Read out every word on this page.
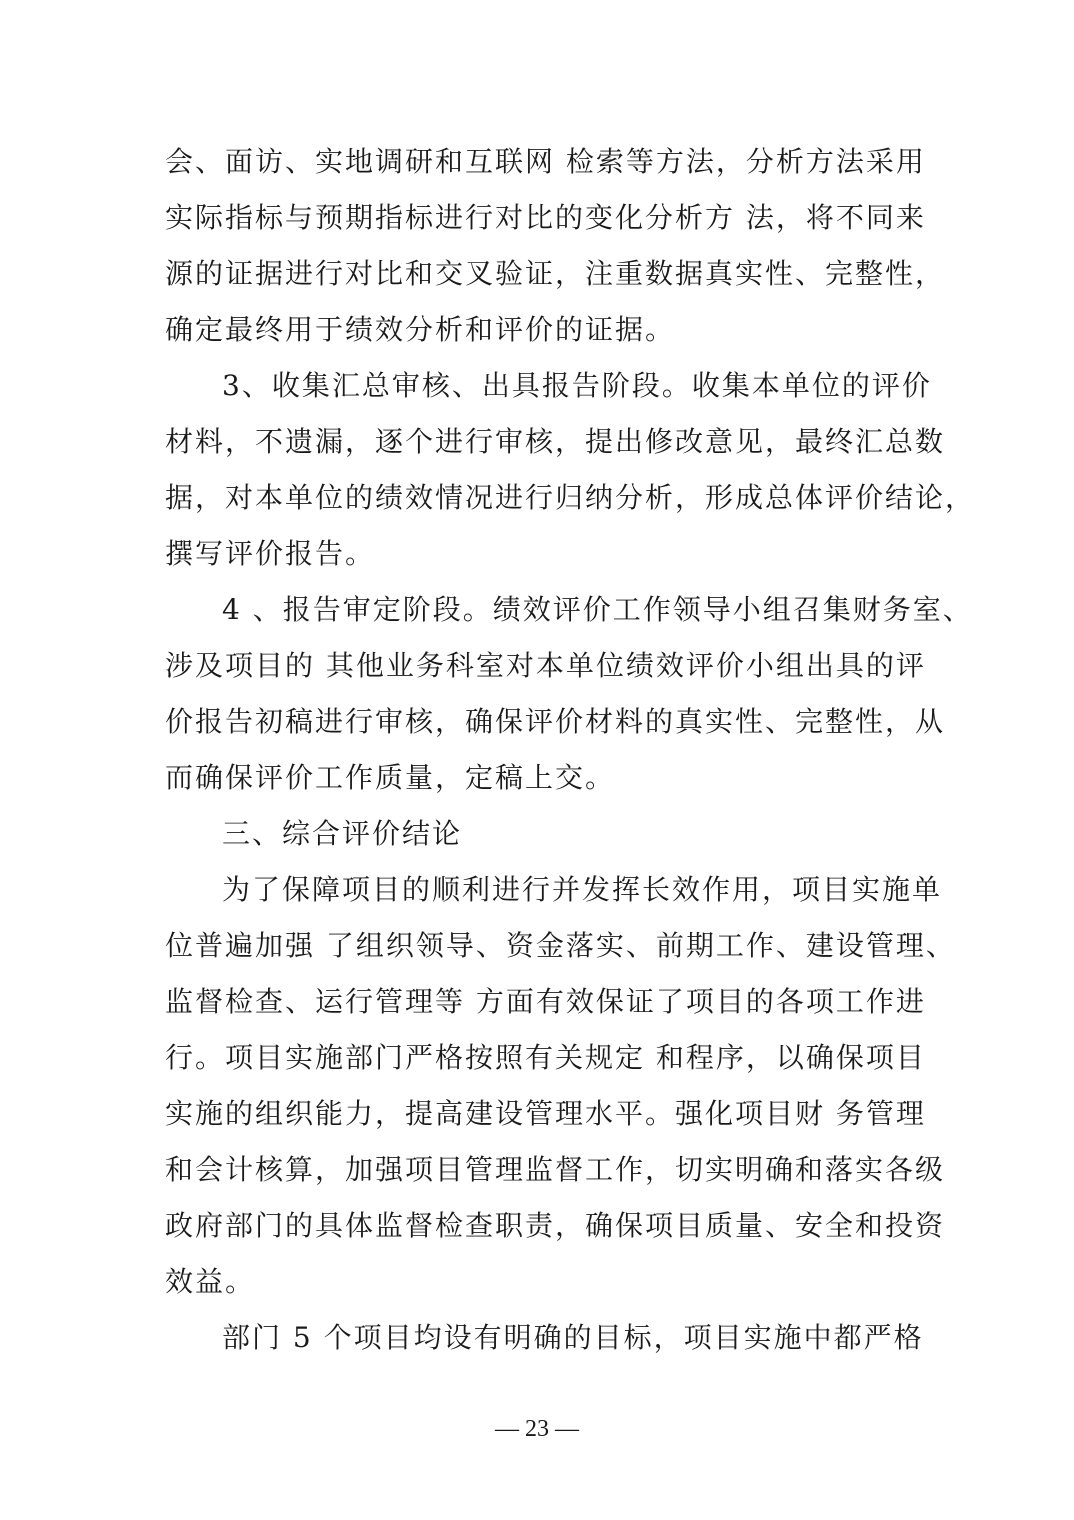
会、面访、实地调研和互联网 检索等方法，分析方法采用
实际指标与预期指标进行对比的变化分析方 法，将不同来
源的证据进行对比和交叉验证，注重数据真实性、完整性，
确定最终用于绩效分析和评价的证据。
3、收集汇总审核、出具报告阶段。收集本单位的评价
材料，不遗漏，逐个进行审核，提出修改意见，最终汇总数
据，对本单位的绩效情况进行归纳分析，形成总体评价结论，
撰写评价报告。
4 、报告审定阶段。绩效评价工作领导小组召集财务室、
涉及项目的 其他业务科室对本单位绩效评价小组出具的评
价报告初稿进行审核，确保评价材料的真实性、完整性，从
而确保评价工作质量，定稿上交。
三、综合评价结论
为了保障项目的顺利进行并发挥长效作用，项目实施单
位普遍加强 了组织领导、资金落实、前期工作、建设管理、
监督检查、运行管理等 方面有效保证了项目的各项工作进
行。项目实施部门严格按照有关规定 和程序，以确保项目
实施的组织能力，提高建设管理水平。强化项目财 务管理
和会计核算，加强项目管理监督工作，切实明确和落实各级
政府部门的具体监督检查职责，确保项目质量、安全和投资
效益。
部门 5 个项目均设有明确的目标，项目实施中都严格
— 23 —
